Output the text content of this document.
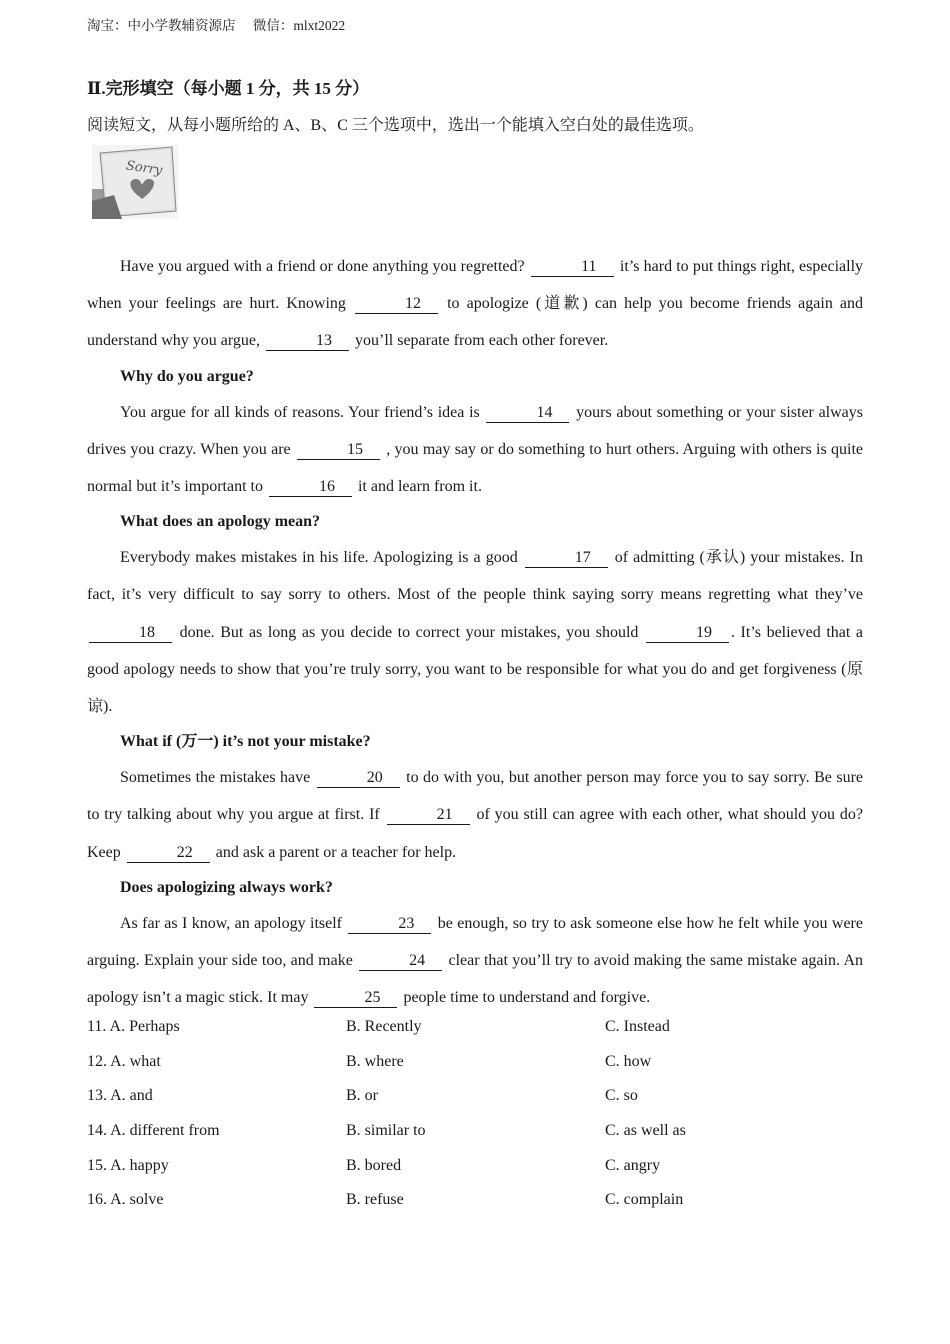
淘宝：中小学教辅资源店 微信：mlxt2022
Ⅱ.完形填空（每小题 1 分，共 15 分）
阅读短文，从每小题所给的 A、B、C 三个选项中，选出一个能填入空白处的最佳选项。
Sorry

Have you argued with a friend or done anything you regretted?	11 it’s hard to put things right, especially when your feelings are hurt. Knowing	12 to apologize (道歉) can help you become friends again and understand why you argue,	13 you’ll separate from each other forever.

Why do you argue?

You argue for all kinds of reasons. Your friend’s idea is	14 yours about something or your sister always drives you crazy. When you are	15 , you may say or do something to hurt others. Arguing with others is quite normal but it’s important to	16 it and learn from it.

What does an apology mean?

Everybody makes mistakes in his life. Apologizing is a good	17 of admitting (承认) your mistakes. In fact, it’s very difficult to say sorry to others. Most of the people think saying sorry means regretting what they’ve 18 done. But as long as you decide to correct your mistakes, you should	19 . It’s believed that a good apology needs to show that you’re truly sorry, you want to be responsible for what you do and get forgiveness (原谅).

What if (万一) it’s not your mistake?

Sometimes the mistakes have	20 to do with you, but another person may force you to say sorry. Be sure to try talking about why you argue at first. If	21 of you still can agree with each other, what should you do? Keep	22 and ask a parent or a teacher for help.

Does apologizing always work?

As far as I know, an apology itself	23 be enough, so try to ask someone else how he felt while you were arguing. Explain your side too, and make	24 clear that you’ll try to avoid making the same mistake again. An apology isn’t a magic stick. It may	25 people time to understand and forgive.

11. A. Perhaps	B. Recently	C. Instead
12. A. what	B. where	C. how
13. A. and	B. or	C. so
14. A. different from	B. similar to	C. as well as
15. A. happy	B. bored	C. angry
16. A. solve	B. refuse	C. complain
